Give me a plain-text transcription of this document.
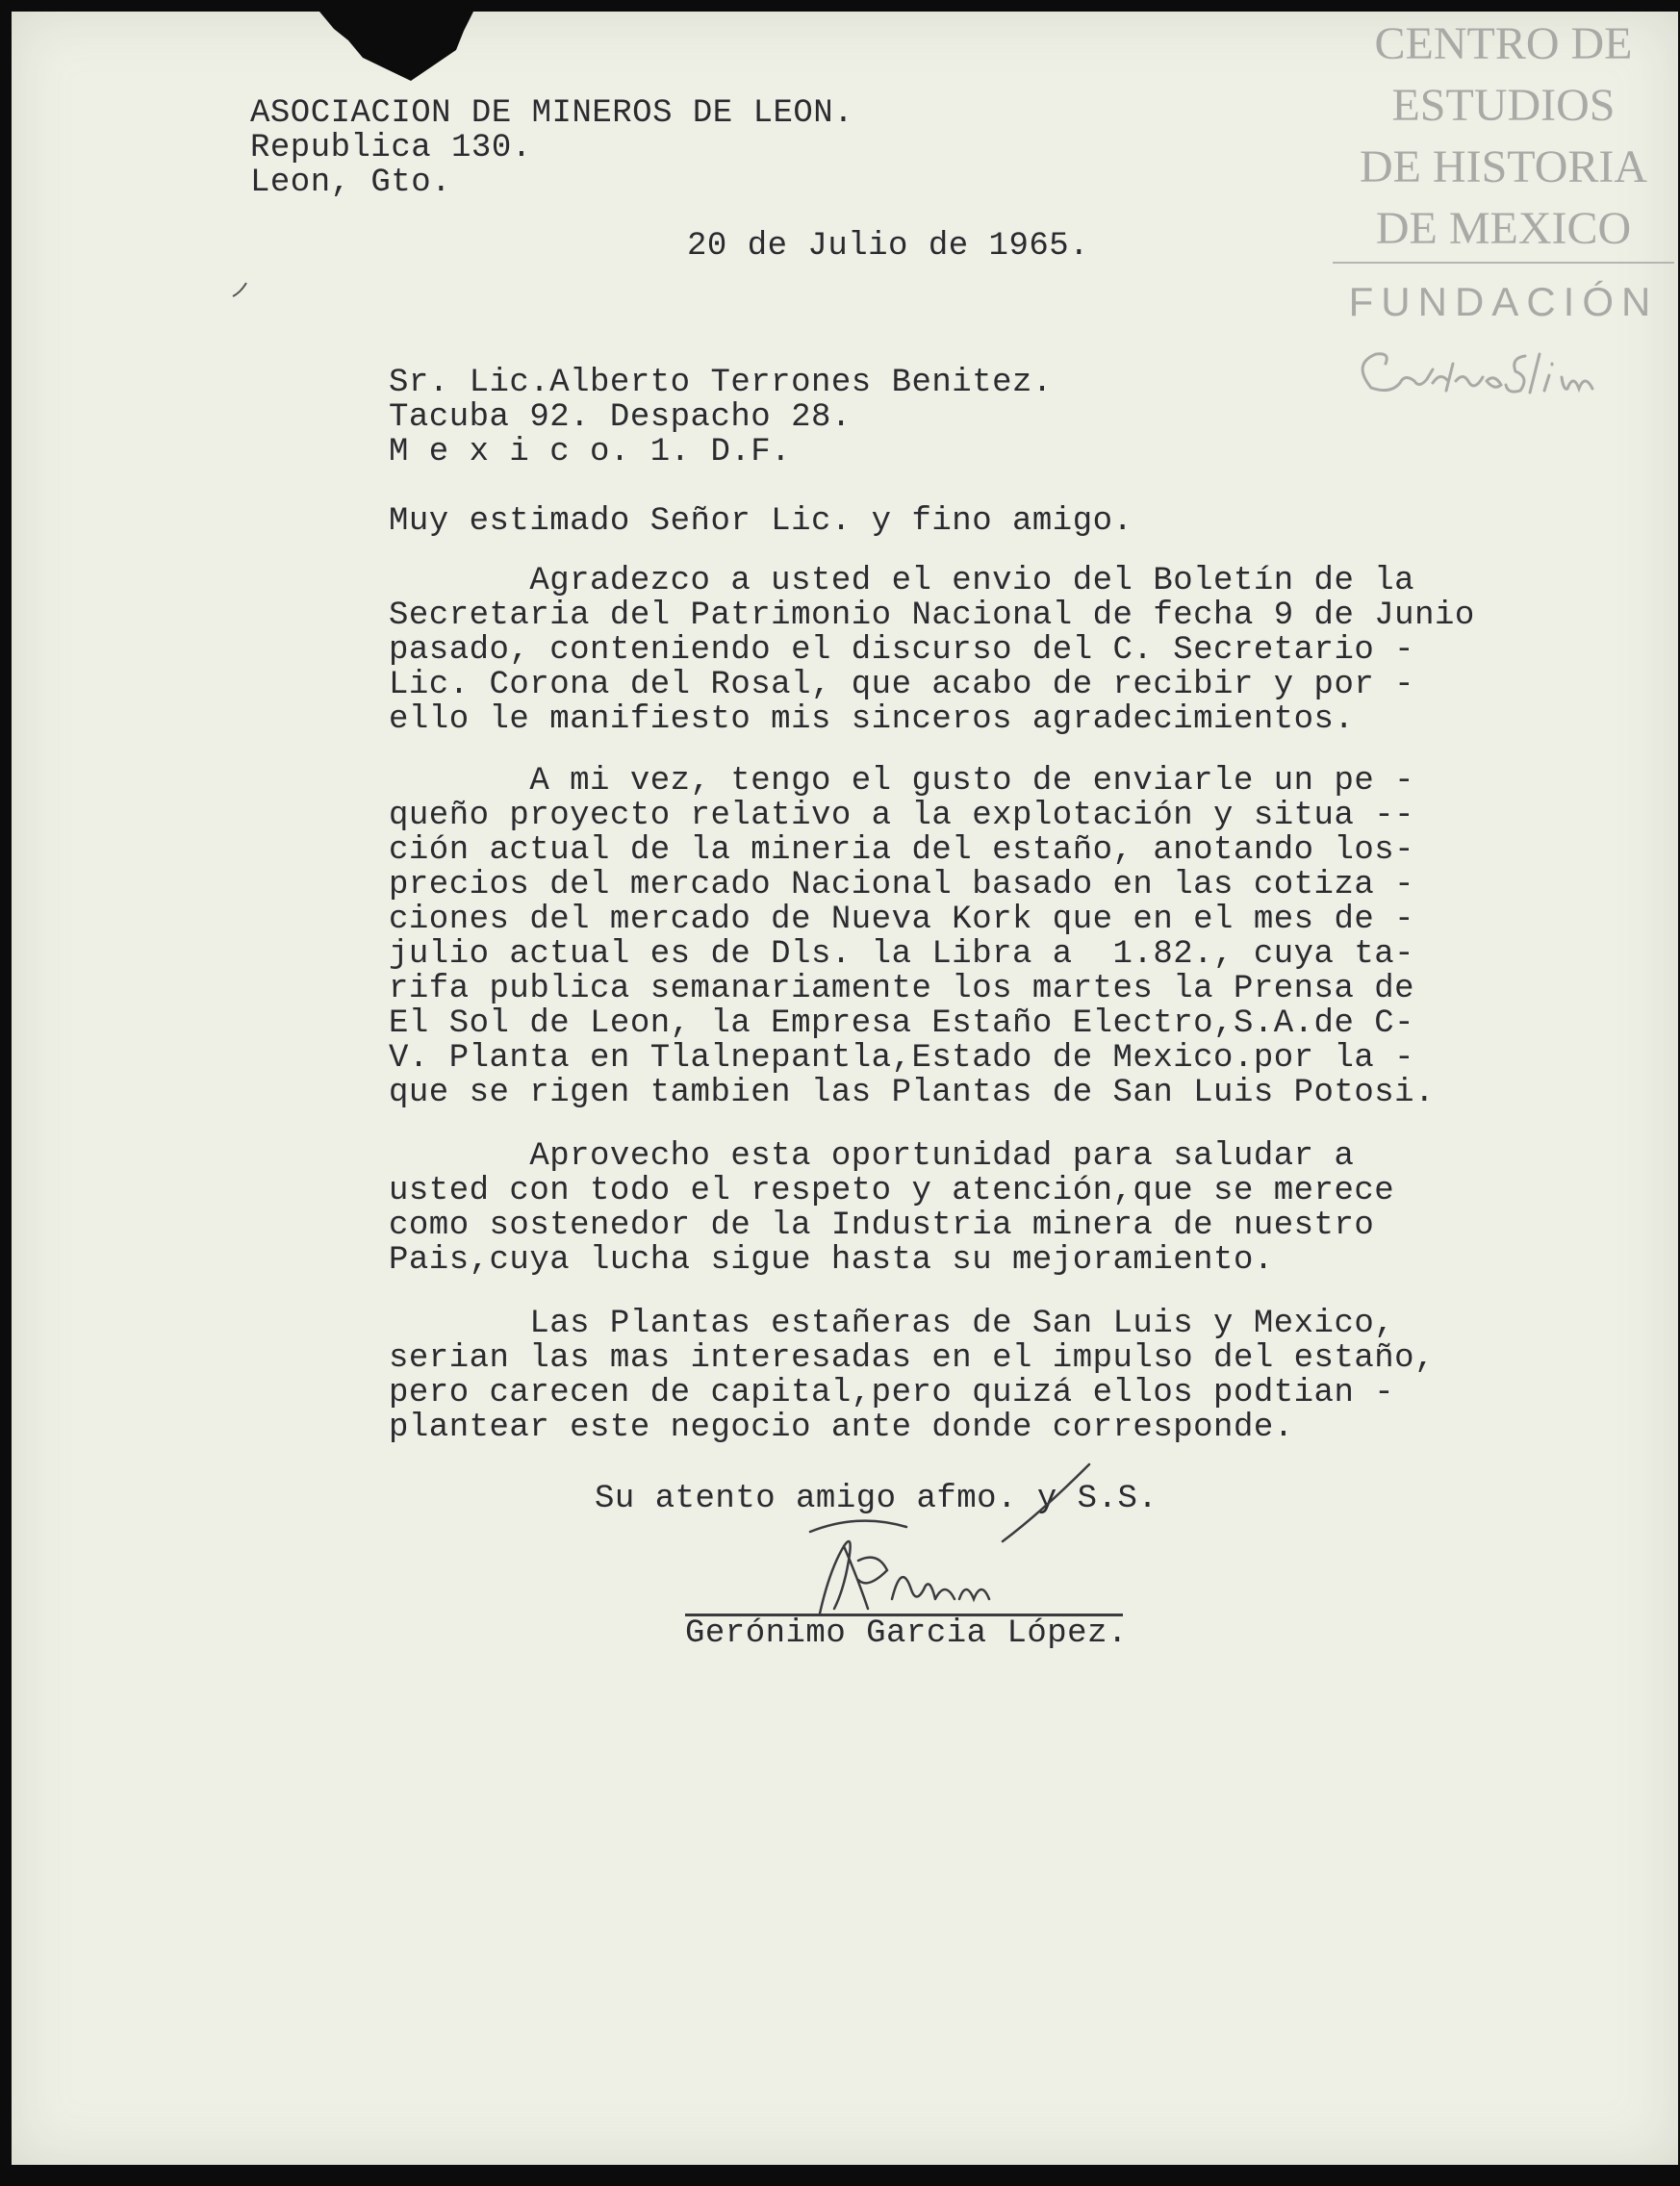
CENTRO DE
ESTUDIOS
DE HISTORIA
DE MEXICO
FUNDACIÓN

ASOCIACION DE MINEROS DE LEON.

Republica 130.

Leon, Gto.

20 de Julio de 1965.

Sr. Lic.Alberto Terrones Benitez.

Tacuba 92. Despacho 28.

M e x i c o. 1. D.F.

Muy estimado Señor Lic. y fino amigo.

Agradezco a usted el envio del Boletín de la
Secretaria del Patrimonio Nacional de fecha 9 de Junio
pasado, conteniendo el discurso del C. Secretario -
Lic. Corona del Rosal, que acabo de recibir y por -
ello le manifiesto mis sinceros agradecimientos.
A mi vez, tengo el gusto de enviarle un pe -
queño proyecto relativo a la explotación y situa --
ción actual de la mineria del estaño, anotando los-
precios del mercado Nacional basado en las cotiza -
ciones del mercado de Nueva Kork que en el mes de -
julio actual es de Dls. la Libra a  1.82., cuya ta-
rifa publica semanariamente los martes la Prensa de
El Sol de Leon, la Empresa Estaño Electro,S.A.de C-
V. Planta en Tlalnepantla,Estado de Mexico.por la -
que se rigen tambien las Plantas de San Luis Potosi.
Aprovecho esta oportunidad para saludar a
usted con todo el respeto y atención,que se merece
como sostenedor de la Industria minera de nuestro
Pais,cuya lucha sigue hasta su mejoramiento.
Las Plantas estañeras de San Luis y Mexico,
serian las mas interesadas en el impulso del estaño,
pero carecen de capital,pero quizá ellos podtian -
plantear este negocio ante donde corresponde.

Su atento amigo afmo. y S.S.

Gerónimo Garcia López.
